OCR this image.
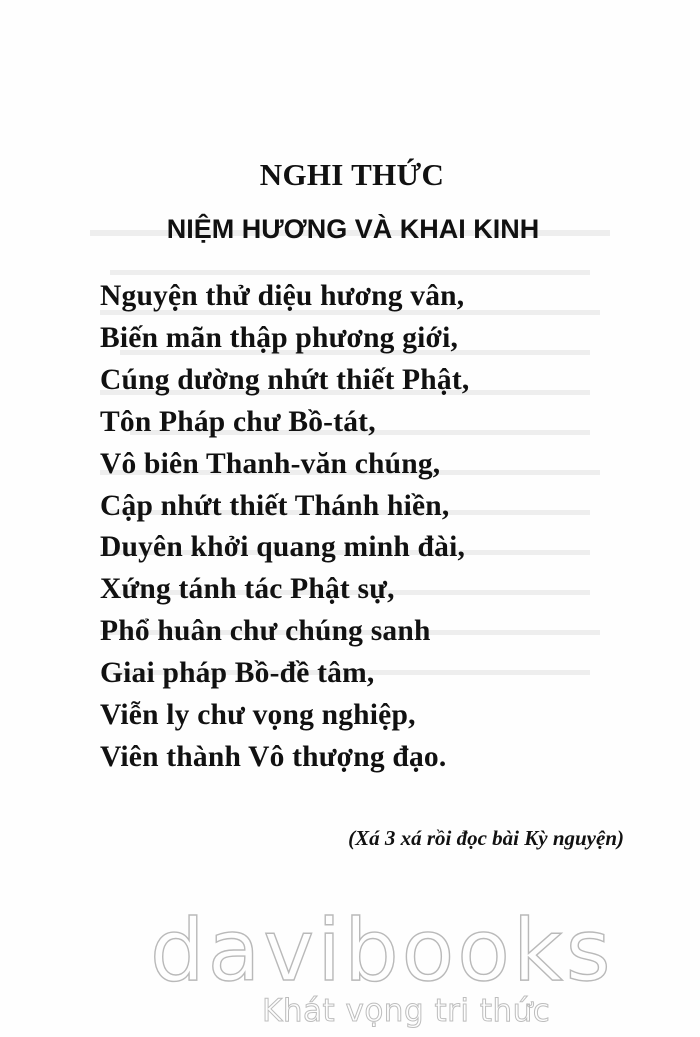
NGHI THỨC
NIỆM HƯƠNG VÀ KHAI KINH
Nguyện thử diệu hương vân,
Biến mãn thập phương giới,
Cúng dường nhứt thiết Phật,
Tôn Pháp chư Bồ-tát,
Vô biên Thanh-văn chúng,
Cập nhứt thiết Thánh hiền,
Duyên khởi quang minh đài,
Xứng tánh tác Phật sự,
Phổ huân chư chúng sanh
Giai pháp Bồ-đề tâm,
Viễn ly chư vọng nghiệp,
Viên thành Vô thượng đạo.
(Xá 3 xá rồi đọc bài Kỳ nguyện)
davibooks
Khát vọng tri thức
